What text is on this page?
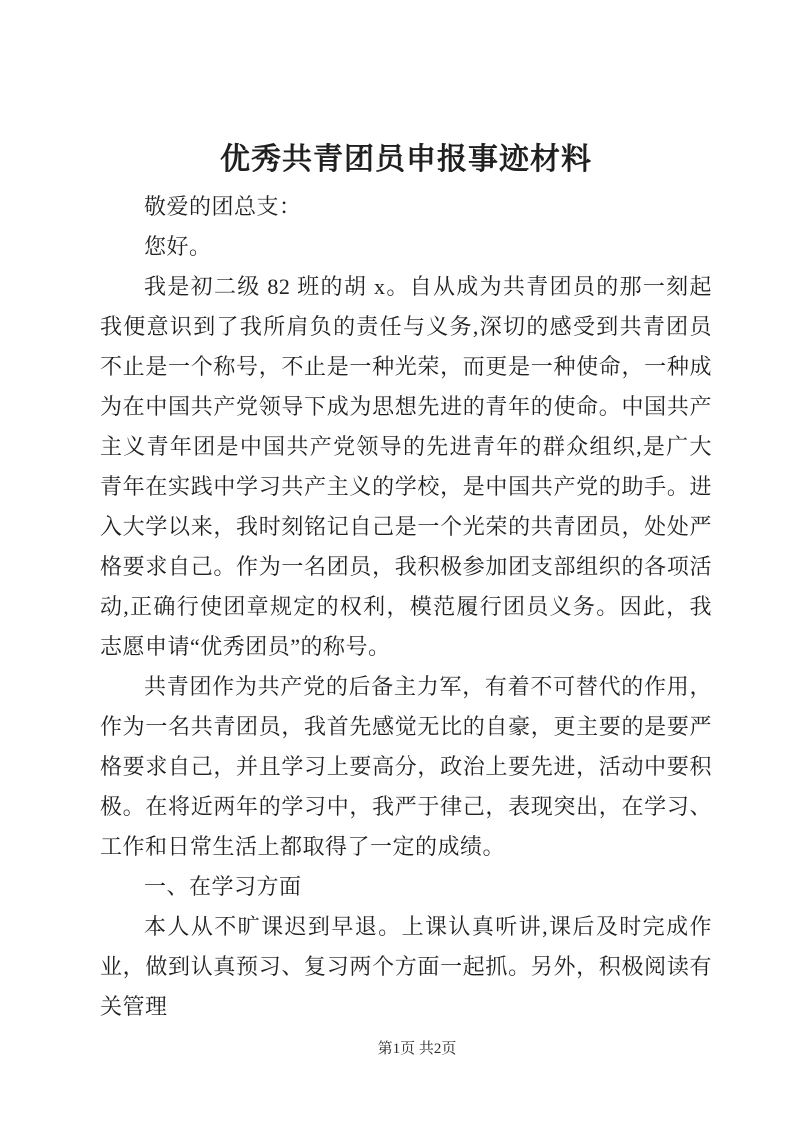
优秀共青团员申报事迹材料

敬爱的团总支：

您好。

我是初二级 82 班的胡 x。自从成为共青团员的那一刻起我便意识到了我所肩负的责任与义务,深切的感受到共青团员不止是一个称号，不止是一种光荣，而更是一种使命，一种成为在中国共产党领导下成为思想先进的青年的使命。中国共产主义青年团是中国共产党领导的先进青年的群众组织,是广大青年在实践中学习共产主义的学校，是中国共产党的助手。进入大学以来，我时刻铭记自己是一个光荣的共青团员，处处严格要求自己。作为一名团员，我积极参加团支部组织的各项活动,正确行使团章规定的权利，模范履行团员义务。因此，我志愿申请“优秀团员”的称号。

共青团作为共产党的后备主力军，有着不可替代的作用，作为一名共青团员，我首先感觉无比的自豪，更主要的是要严格要求自己，并且学习上要高分，政治上要先进，活动中要积极。在将近两年的学习中，我严于律己，表现突出，在学习、工作和日常生活上都取得了一定的成绩。

一、在学习方面

本人从不旷课迟到早退。上课认真听讲,课后及时完成作业，做到认真预习、复习两个方面一起抓。另外，积极阅读有关管理

第1页 共2页
